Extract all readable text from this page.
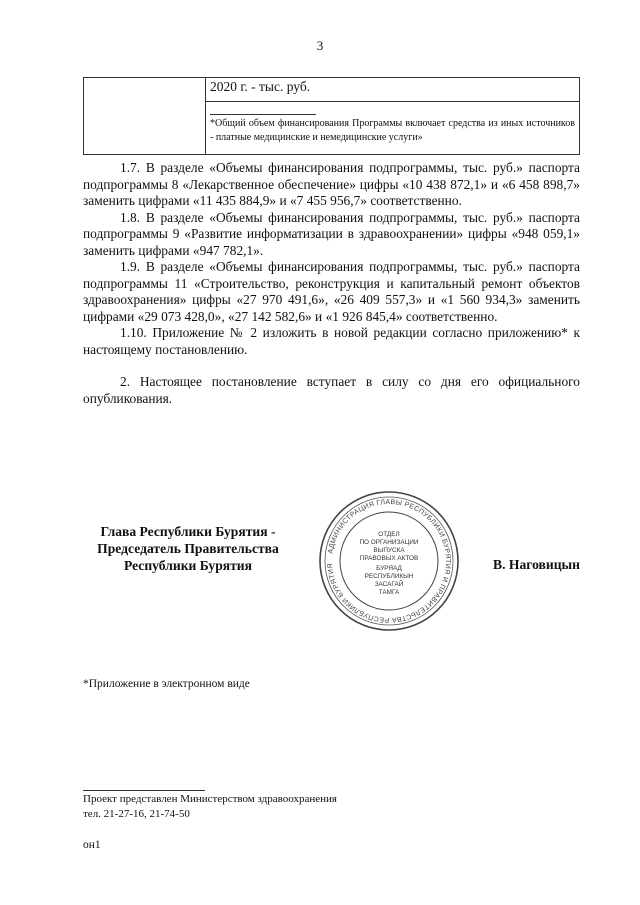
3
	2020 г. - тыс. руб.

*Общий объем финансирования Программы включает средства из иных источников - платные медицинские и немедицинские услуги»

1.7. В разделе «Объемы финансирования подпрограммы, тыс. руб.» паспорта подпрограммы 8 «Лекарственное обеспечение» цифры «10 438 872,1» и «6 458 898,7» заменить цифрами «11 435 884,9» и «7 455 956,7» соответственно.

1.8. В разделе «Объемы финансирования подпрограммы, тыс. руб.» паспорта подпрограммы 9 «Развитие информатизации в здравоохранении» цифры «948 059,1» заменить цифрами «947 782,1».

1.9. В разделе «Объемы финансирования подпрограммы, тыс. руб.» паспорта подпрограммы 11 «Строительство, реконструкция и капитальный ремонт объектов здравоохранения» цифры «27 970 491,6», «26 409 557,3» и «1 560 934,3» заменить цифрами «29 073 428,0», «27 142 582,6» и «1 926 845,4» соответственно.

1.10. Приложение № 2 изложить в новой редакции согласно приложению* к настоящему постановлению.

2. Настоящее постановление вступает в силу со дня его официального опубликования.

Глава Республики Бурятия -
Председатель Правительства
Республики Бурятия
АДМИНИСТРАЦИЯ ГЛАВЫ РЕСПУБЛИКИ БУРЯТИЯ И ПРАВИТЕЛЬСТВА РЕСПУБЛИКИ БУРЯТИЯ
ОТДЕЛ
ПО ОРГАНИЗАЦИИ
ВЫПУСКА
ПРАВОВЫХ АКТОВ
БУРЯАД
РЕСПУБЛИКЫН
ЗАСАГАЙ
ТАМГА
В. Наговицын
*Приложение в электронном виде
Проект представлен Министерством здравоохранения
тел. 21-27-16, 21-74-50
он1
